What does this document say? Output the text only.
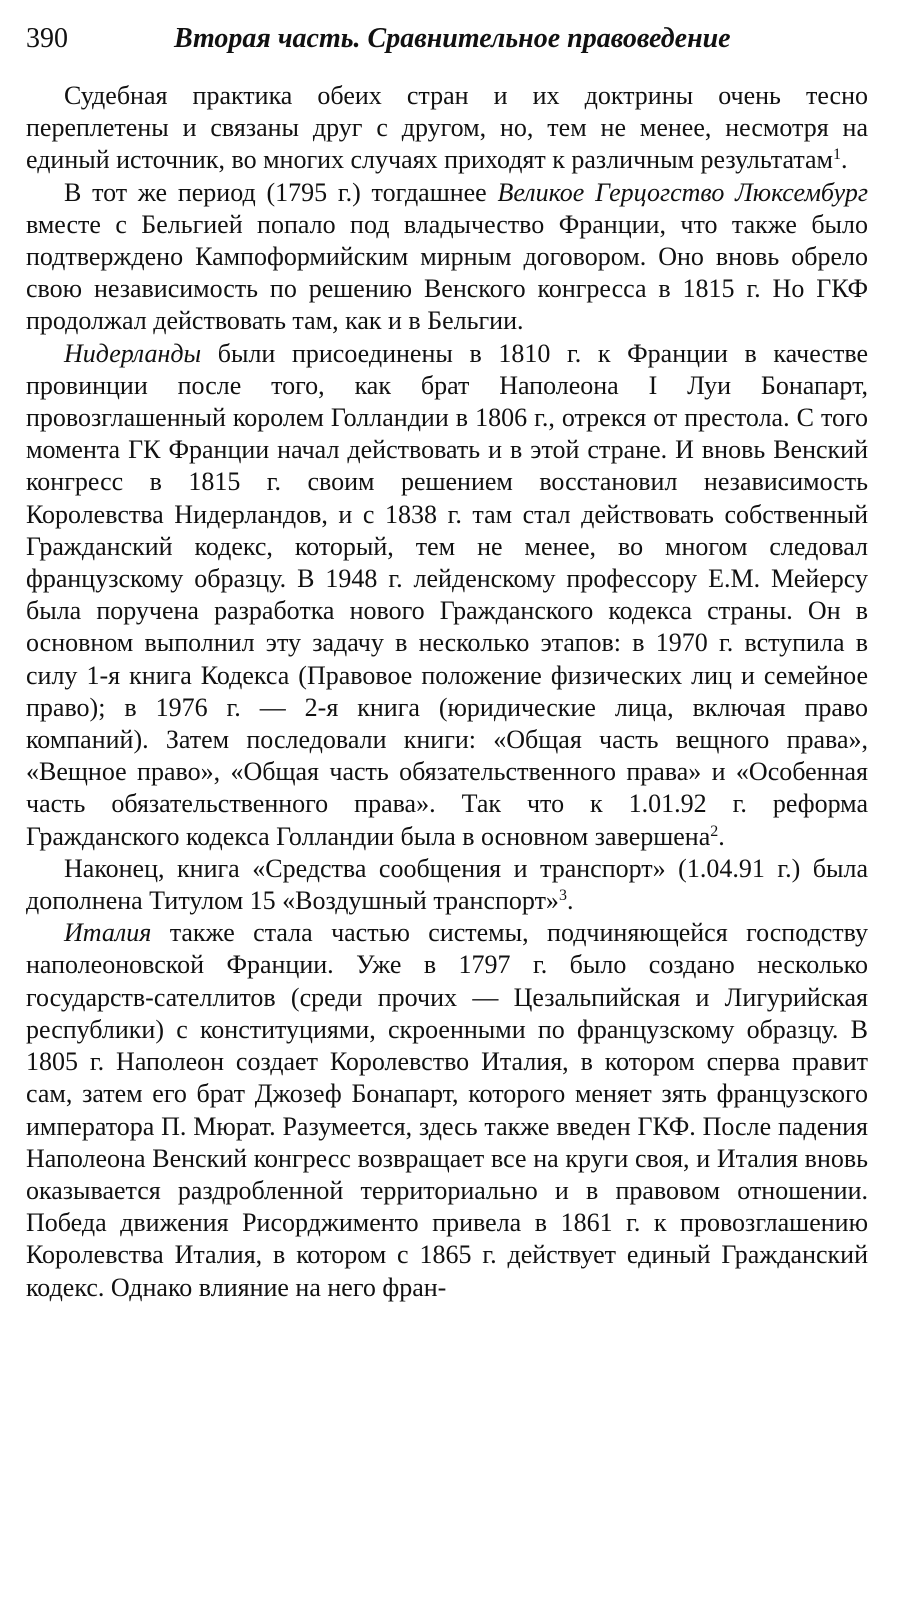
390	Вторая часть. Сравнительное правоведение

Судебная практика обеих стран и их доктрины очень тесно переплетены и связаны друг с другом, но, тем не менее, несмотря на единый источник, во многих случаях приходят к различным результатам$^1$.

В тот же период (1795 г.) тогдашнее Великое Герцогство Люксембург вместе с Бельгией попало под владычество Франции, что также было подтверждено Кампоформийским мирным договором. Оно вновь обрело свою независимость по решению Венского конгресса в 1815 г. Но ГКФ продолжал действовать там, как и в Бельгии.

Нидерланды были присоединены в 1810 г. к Франции в качестве провинции после того, как брат Наполеона I Луи Бонапарт, провозглашенный королем Голландии в 1806 г., отрекся от престола. С того момента ГК Франции начал действовать и в этой стране. И вновь Венский конгресс в 1815 г. своим решением восстановил независимость Королевства Нидерландов, и с 1838 г. там стал действовать собственный Гражданский кодекс, который, тем не менее, во многом следовал французскому образцу. В 1948 г. лейденскому профессору Е.М. Мейерсу была поручена разработка нового Гражданского кодекса страны. Он в основном выполнил эту задачу в несколько этапов: в 1970 г. вступила в силу 1-я книга Кодекса (Правовое положение физических лиц и семейное право); в 1976 г. — 2-я книга (юридические лица, включая право компаний). Затем последовали книги: «Общая часть вещного права», «Вещное право», «Общая часть обязательственного права» и «Особенная часть обязательственного права». Так что к 1.01.92 г. реформа Гражданского кодекса Голландии была в основном завершена$^2$.

Наконец, книга «Средства сообщения и транспорт» (1.04.91 г.) была дополнена Титулом 15 «Воздушный транспорт»$^3$.

Италия также стала частью системы, подчиняющейся господству наполеоновской Франции. Уже в 1797 г. было создано несколько государств-сателлитов (среди прочих — Цезальпийская и Лигурийская республики) с конституциями, скроенными по французскому образцу. В 1805 г. Наполеон создает Королевство Италия, в котором сперва правит сам, затем его брат Джозеф Бонапарт, которого меняет зять французского императора П. Мюрат. Разумеется, здесь также введен ГКФ. После падения Наполеона Венский конгресс возвращает все на круги своя, и Италия вновь оказывается раздробленной территориально и в правовом отношении. Победа движения Рисорджименто привела в 1861 г. к провозглашению Королевства Италия, в котором с 1865 г. действует единый Гражданский кодекс. Однако влияние на него фран-
